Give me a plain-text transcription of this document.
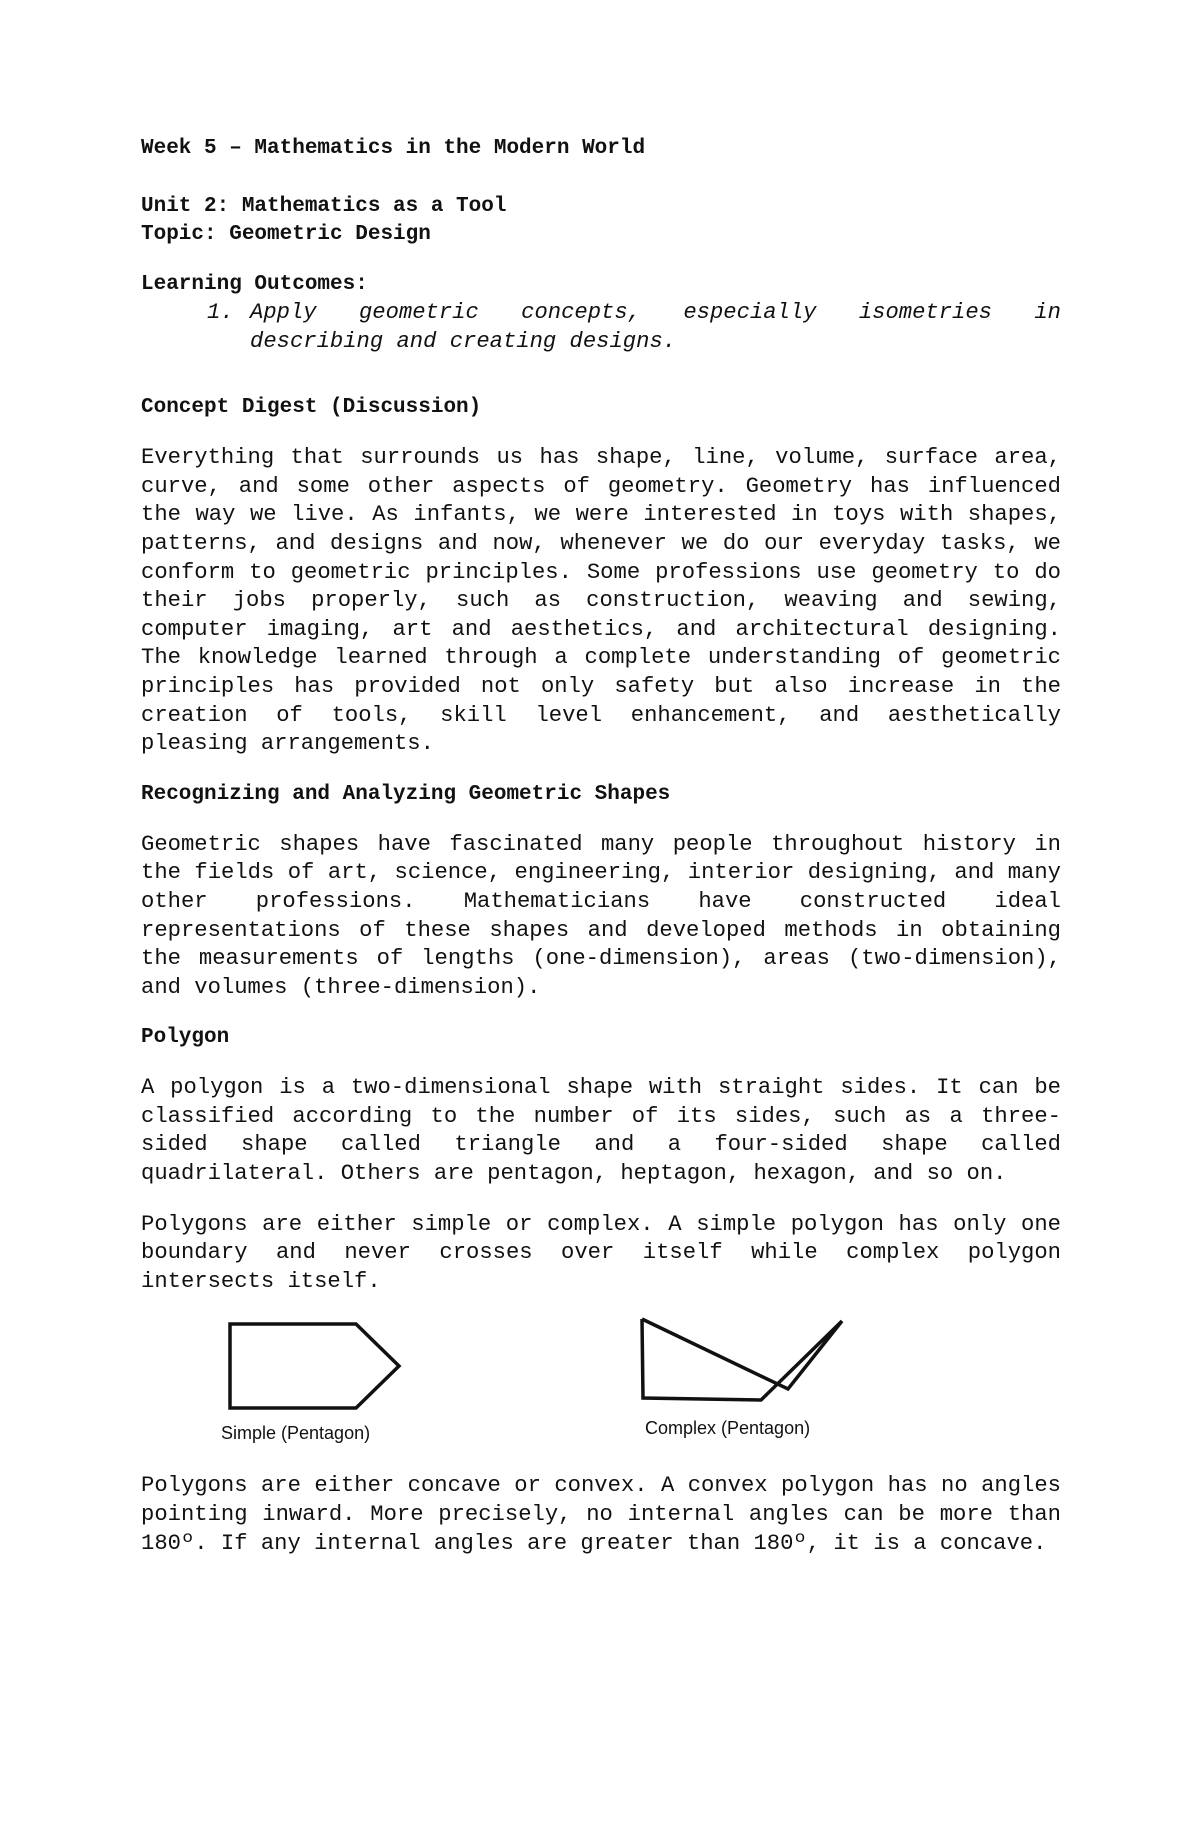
Week 5 – Mathematics in the Modern World

Unit 2: Mathematics as a Tool

Topic: Geometric Design

Learning Outcomes:

1. Apply geometric concepts, especially isometries in describing and creating designs.

Concept Digest (Discussion)

Everything that surrounds us has shape, line, volume, surface area, curve, and some other aspects of geometry. Geometry has influenced the way we live. As infants, we were interested in toys with shapes, patterns, and designs and now, whenever we do our everyday tasks, we conform to geometric principles. Some professions use geometry to do their jobs properly, such as construction, weaving and sewing, computer imaging, art and aesthetics, and architectural designing. The knowledge learned through a complete understanding of geometric principles has provided not only safety but also increase in the creation of tools, skill level enhancement, and aesthetically pleasing arrangements.

Recognizing and Analyzing Geometric Shapes

Geometric shapes have fascinated many people throughout history in the fields of art, science, engineering, interior designing, and many other professions. Mathematicians have constructed ideal representations of these shapes and developed methods in obtaining the measurements of lengths (one-dimension), areas (two-dimension), and volumes (three-dimension).

Polygon

A polygon is a two-dimensional shape with straight sides. It can be classified according to the number of its sides, such as a three-sided shape called triangle and a four-sided shape called quadrilateral. Others are pentagon, heptagon, hexagon, and so on.

Polygons are either simple or complex. A simple polygon has only one boundary and never crosses over itself while complex polygon intersects itself.

Simple (Pentagon)	Complex (Pentagon)

Polygons are either concave or convex. A convex polygon has no angles pointing inward. More precisely, no internal angles can be more than 180º. If any internal angles are greater than 180º, it is a concave.
